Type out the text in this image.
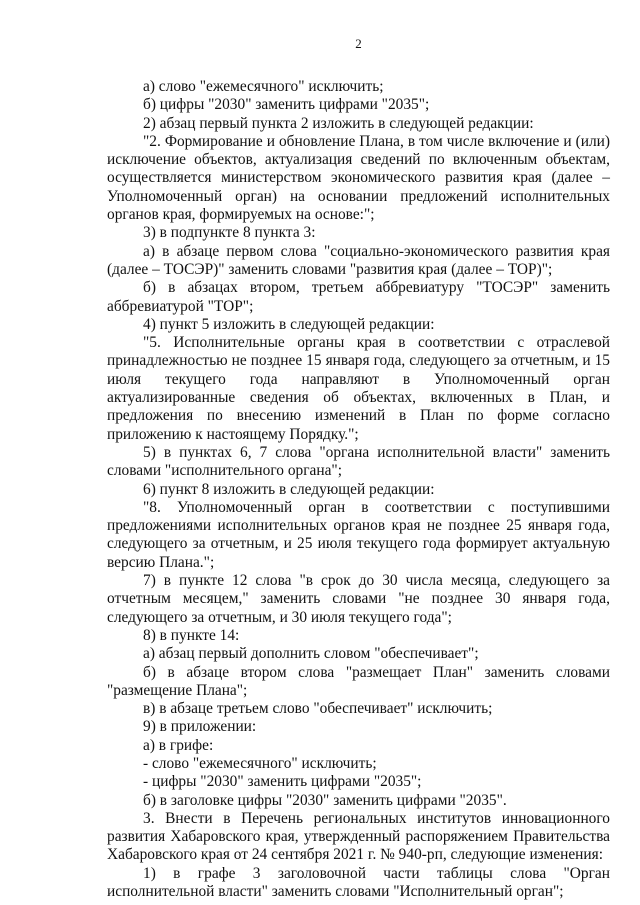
2

а) слово "ежемесячного" исключить;

б) цифры "2030" заменить цифрами "2035";

2) абзац первый пункта 2 изложить в следующей редакции:

"2. Формирование и обновление Плана, в том числе включение и (или) исключение объектов, актуализация сведений по включенным объектам, осуществляется министерством экономического развития края (далее – Уполномоченный орган) на основании предложений исполнительных органов края, формируемых на основе:";

3) в подпункте 8 пункта 3:

а) в абзаце первом слова "социально-экономического развития края (далее – ТОСЭР)" заменить словами "развития края (далее – ТОР)";

б) в абзацах втором, третьем аббревиатуру "ТОСЭР" заменить аббревиатурой "ТОР";

4) пункт 5 изложить в следующей редакции:

"5. Исполнительные органы края в соответствии с отраслевой принадлежностью не позднее 15 января года, следующего за отчетным, и 15 июля текущего года направляют в Уполномоченный орган актуализированные сведения об объектах, включенных в План, и предложения по внесению изменений в План по форме согласно приложению к настоящему Порядку.";

5) в пунктах 6, 7 слова "органа исполнительной власти" заменить словами "исполнительного органа";

6) пункт 8 изложить в следующей редакции:

"8. Уполномоченный орган в соответствии с поступившими предложениями исполнительных органов края не позднее 25 января года, следующего за отчетным, и 25 июля текущего года формирует актуальную версию Плана.";

7) в пункте 12 слова "в срок до 30 числа месяца, следующего за отчетным месяцем," заменить словами "не позднее 30 января года, следующего за отчетным, и 30 июля текущего года";

8) в пункте 14:

а) абзац первый дополнить словом "обеспечивает";

б) в абзаце втором слова "размещает План" заменить словами "размещение Плана";

в) в абзаце третьем слово "обеспечивает" исключить;

9) в приложении:

а) в грифе:

- слово "ежемесячного" исключить;

- цифры "2030" заменить цифрами "2035";

б) в заголовке цифры "2030" заменить цифрами "2035".

3. Внести в Перечень региональных институтов инновационного развития Хабаровского края, утвержденный распоряжением Правительства Хабаровского края от 24 сентября 2021 г. № 940-рп, следующие изменения:

1) в графе 3 заголовочной части таблицы слова "Орган исполнительной власти" заменить словами "Исполнительный орган";
